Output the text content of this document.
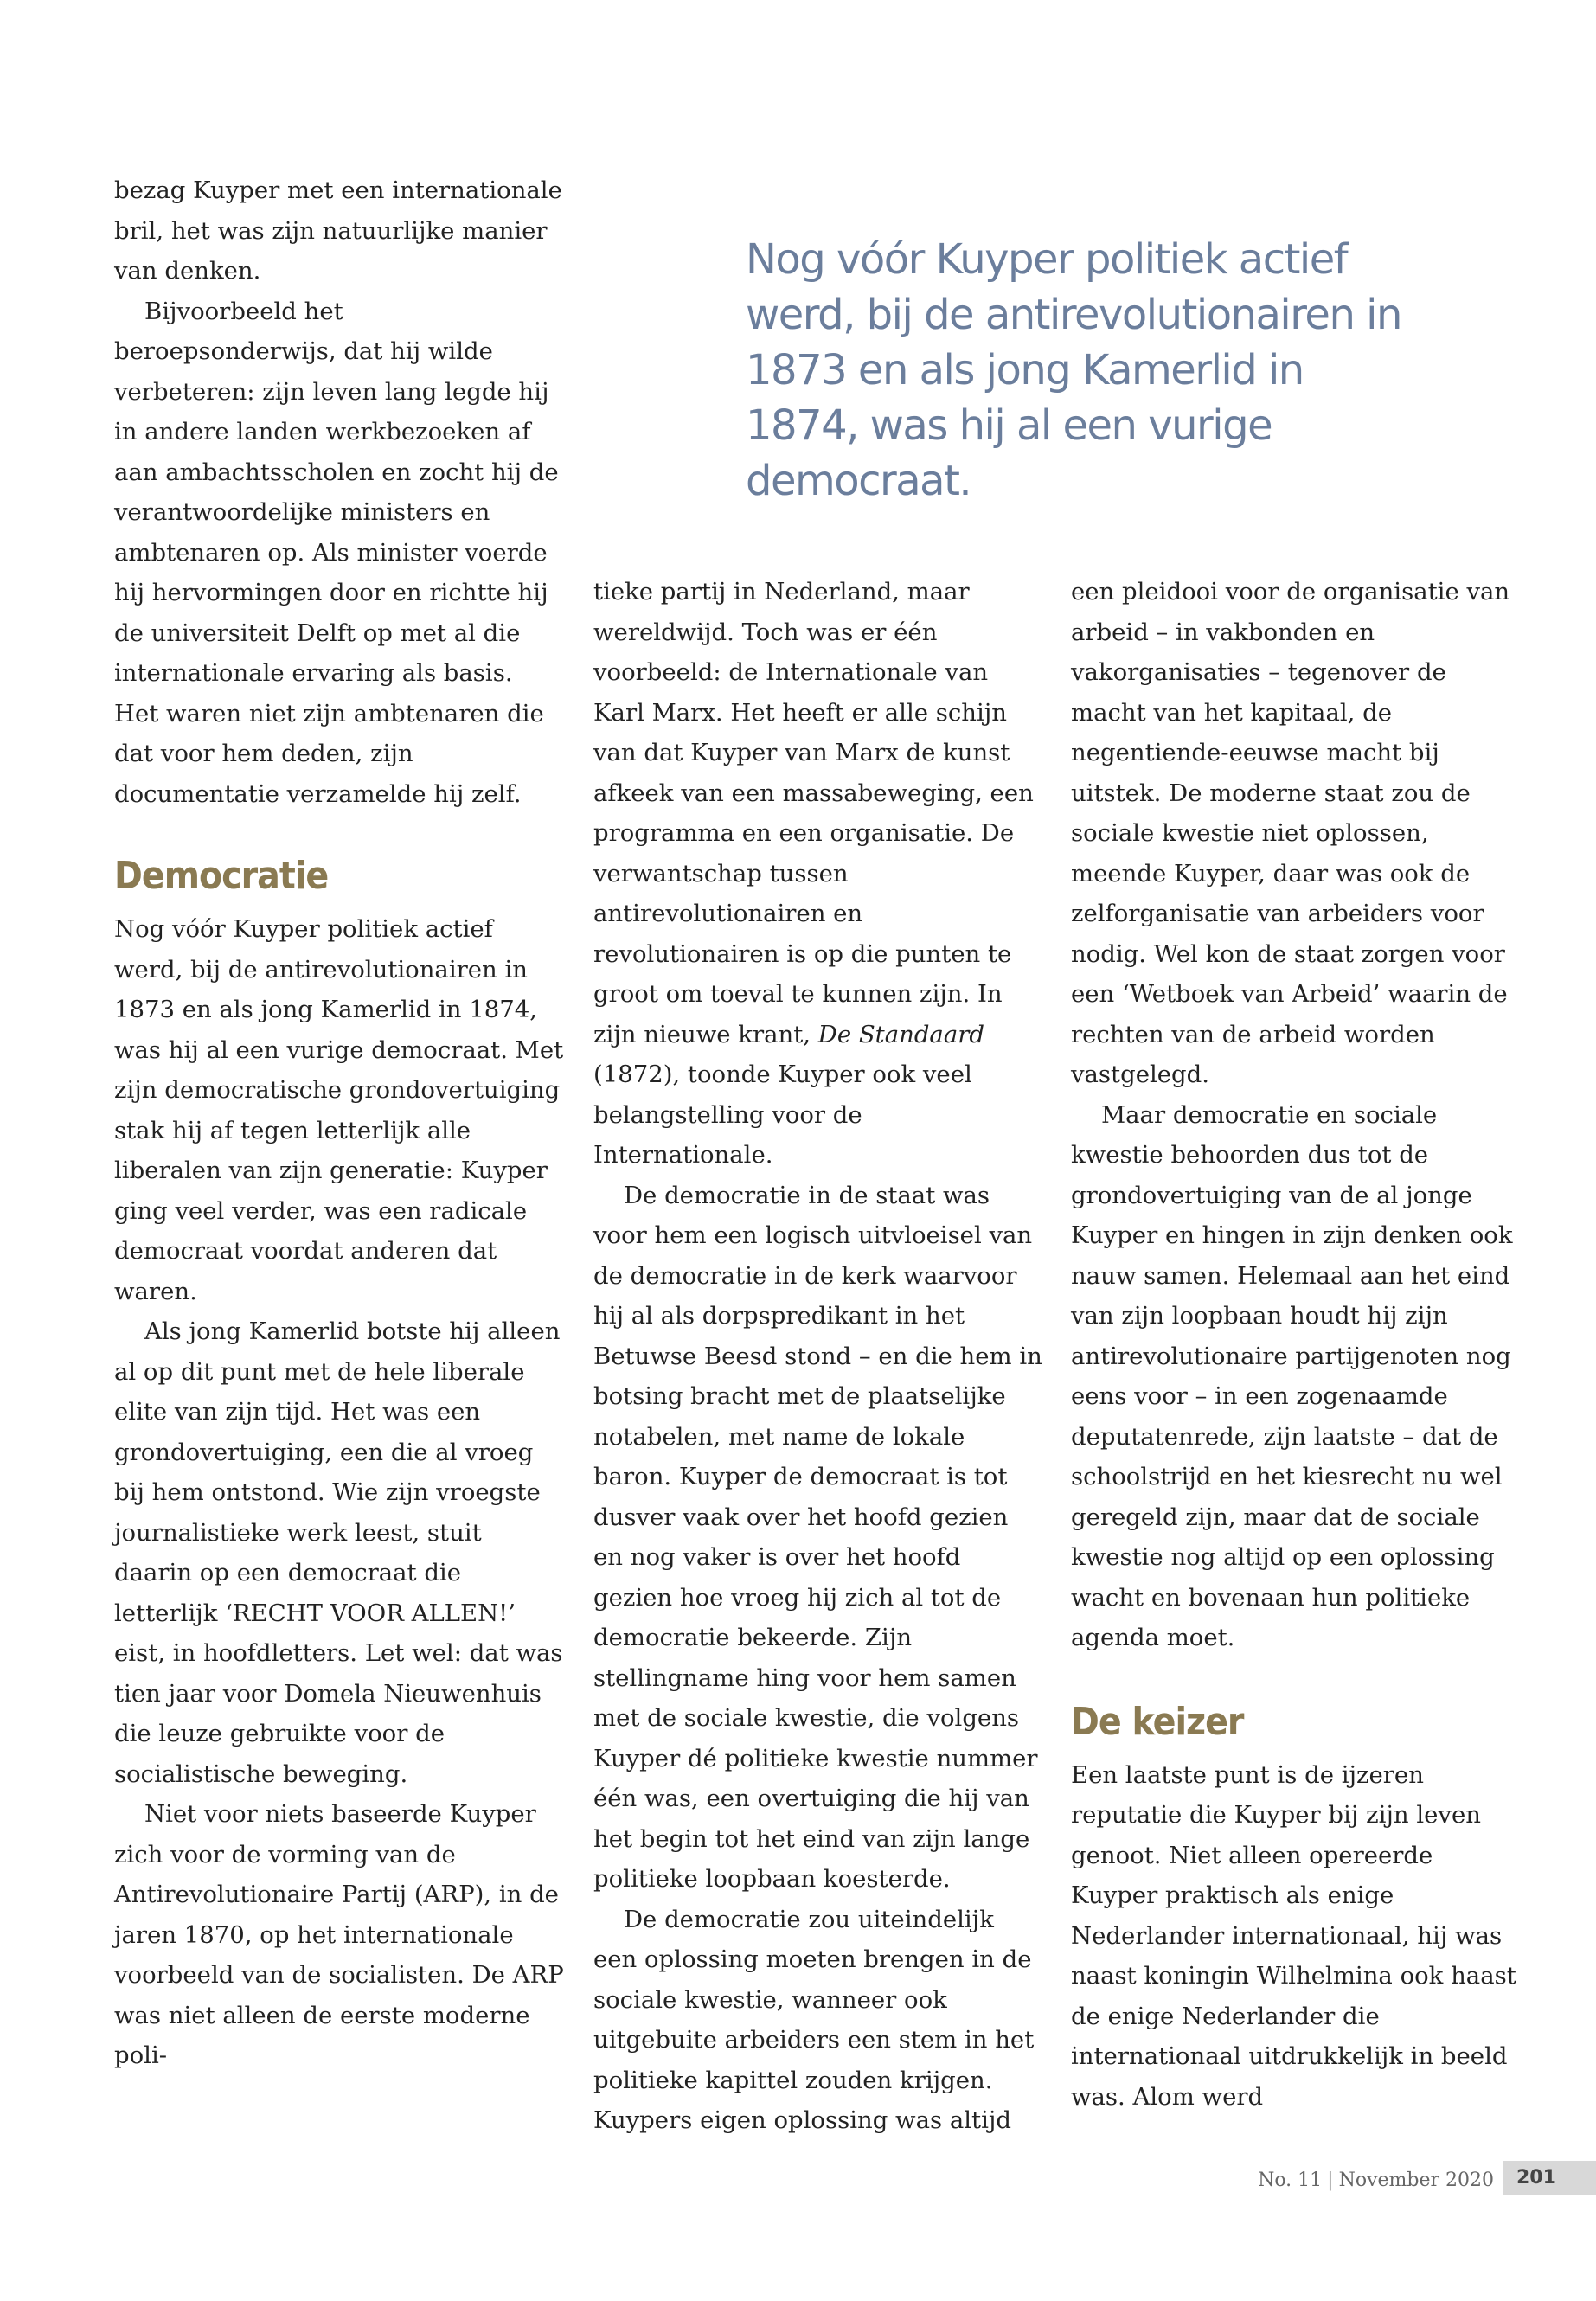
Nog vóór Kuyper politiek actief werd, bij de antirevolutionairen in 1873 en als jong Kamerlid in 1874, was hij al een vurige democraat.

bezag Kuyper met een internationale bril, het was zijn natuurlijke manier van denken.

Bijvoorbeeld het beroepsonderwijs, dat hij wilde verbeteren: zijn leven lang legde hij in andere landen werkbezoeken af aan ambachtsscholen en zocht hij de verantwoordelijke ministers en ambtenaren op. Als minister voerde hij hervormingen door en richtte hij de universiteit Delft op met al die internationale ervaring als basis. Het waren niet zijn ambtenaren die dat voor hem deden, zijn documentatie verzamelde hij zelf.

Democratie

Nog vóór Kuyper politiek actief werd, bij de antirevolutionairen in 1873 en als jong Kamerlid in 1874, was hij al een vurige democraat. Met zijn democratische grondovertuiging stak hij af tegen letterlijk alle liberalen van zijn generatie: Kuyper ging veel verder, was een radicale democraat voordat anderen dat waren.

Als jong Kamerlid botste hij alleen al op dit punt met de hele liberale elite van zijn tijd. Het was een grondovertuiging, een die al vroeg bij hem ontstond. Wie zijn vroegste journalistieke werk leest, stuit daarin op een democraat die letterlijk ‘RECHT VOOR ALLEN!’ eist, in hoofdletters. Let wel: dat was tien jaar voor Domela Nieuwenhuis die leuze gebruikte voor de socialistische beweging.

Niet voor niets baseerde Kuyper zich voor de vorming van de Antirevolutionaire Partij (ARP), in de jaren 1870, op het internationale voorbeeld van de socialisten. De ARP was niet alleen de eerste moderne poli-

tieke partij in Nederland, maar wereldwijd. Toch was er één voorbeeld: de Internationale van Karl Marx. Het heeft er alle schijn van dat Kuyper van Marx de kunst afkeek van een massabeweging, een programma en een organisatie. De verwantschap tussen antirevolutionairen en revolutionairen is op die punten te groot om toeval te kunnen zijn. In zijn nieuwe krant, De Standaard (1872), toonde Kuyper ook veel belangstelling voor de Internationale.

De democratie in de staat was voor hem een logisch uitvloeisel van de democratie in de kerk waarvoor hij al als dorpspredikant in het Betuwse Beesd stond – en die hem in botsing bracht met de plaatselijke notabelen, met name de lokale baron. Kuyper de democraat is tot dusver vaak over het hoofd gezien en nog vaker is over het hoofd gezien hoe vroeg hij zich al tot de democratie bekeerde. Zijn stellingname hing voor hem samen met de sociale kwestie, die volgens Kuyper dé politieke kwestie nummer één was, een overtuiging die hij van het begin tot het eind van zijn lange politieke loopbaan koesterde.

De democratie zou uiteindelijk een oplossing moeten brengen in de sociale kwestie, wanneer ook uitgebuite arbeiders een stem in het politieke kapittel zouden krijgen. Kuypers eigen oplossing was altijd

een pleidooi voor de organisatie van arbeid – in vakbonden en vakorganisaties – tegenover de macht van het kapitaal, de negentiende-eeuwse macht bij uitstek. De moderne staat zou de sociale kwestie niet oplossen, meende Kuyper, daar was ook de zelforganisatie van arbeiders voor nodig. Wel kon de staat zorgen voor een ‘Wetboek van Arbeid’ waarin de rechten van de arbeid worden vastgelegd.

Maar democratie en sociale kwestie behoorden dus tot de grondovertuiging van de al jonge Kuyper en hingen in zijn denken ook nauw samen. Helemaal aan het eind van zijn loopbaan houdt hij zijn antirevolutionaire partijgenoten nog eens voor – in een zogenaamde deputatenrede, zijn laatste – dat de schoolstrijd en het kiesrecht nu wel geregeld zijn, maar dat de sociale kwestie nog altijd op een oplossing wacht en bovenaan hun politieke agenda moet.

De keizer

Een laatste punt is de ijzeren reputatie die Kuyper bij zijn leven genoot. Niet alleen opereerde Kuyper praktisch als enige Nederlander internationaal, hij was naast koningin Wilhelmina ook haast de enige Nederlander die internationaal uitdrukkelijk in beeld was. Alom werd

No. 11 | November 2020	201
